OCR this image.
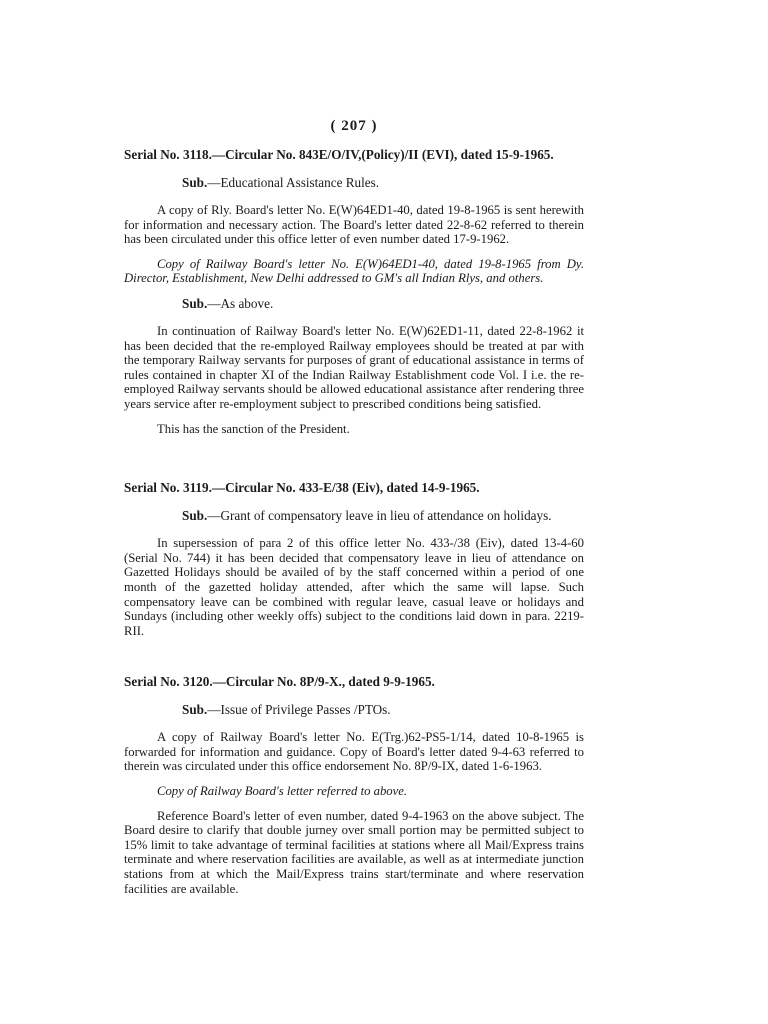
( 207 )
Serial No. 3118.—Circular No. 843E/O/IV,(Policy)/II (EVI), dated 15-9-1965.
Sub.—Educational Assistance Rules.

A copy of Rly. Board's letter No. E(W)64ED1-40, dated 19-8-1965 is sent herewith for information and necessary action. The Board's letter dated 22-8-62 referred to therein has been circulated under this office letter of even number dated 17-9-1962.

Copy of Railway Board's letter No. E(W)64ED1-40, dated 19-8-1965 from Dy. Director, Establishment, New Delhi addressed to GM's all Indian Rlys, and others.

Sub.—As above.

In continuation of Railway Board's letter No. E(W)62ED1-11, dated 22-8-1962 it has been decided that the re-employed Railway employees should be treated at par with the temporary Railway servants for purposes of grant of educational assistance in terms of rules contained in chapter XI of the Indian Railway Establishment code Vol. I i.e. the re-employed Railway servants should be allowed educational assistance after rendering three years service after re-employment subject to prescribed conditions being satisfied.

This has the sanction of the President.

Serial No. 3119.—Circular No. 433-E/38 (Eiv), dated 14-9-1965.
Sub.—Grant of compensatory leave in lieu of attendance on holidays.

In supersession of para 2 of this office letter No. 433-/38 (Eiv), dated 13-4-60 (Serial No. 744) it has been decided that compensatory leave in lieu of attendance on Gazetted Holidays should be availed of by the staff concerned within a period of one month of the gazetted holiday attended, after which the same will lapse. Such compensatory leave can be combined with regular leave, casual leave or holidays and Sundays (including other weekly offs) subject to the conditions laid down in para. 2219-RII.

Serial No. 3120.—Circular No. 8P/9-X., dated 9-9-1965.
Sub.—Issue of Privilege Passes /PTOs.

A copy of Railway Board's letter No. E(Trg.)62-PS5-1/14, dated 10-8-1965 is forwarded for information and guidance. Copy of Board's letter dated 9-4-63 referred to therein was circulated under this office endorsement No. 8P/9-IX, dated 1-6-1963.

Copy of Railway Board's letter referred to above.

Reference Board's letter of even number, dated 9-4-1963 on the above subject. The Board desire to clarify that double jurney over small portion may be permitted subject to 15% limit to take advantage of terminal facilities at stations where all Mail/Express trains terminate and where reservation facilities are available, as well as at intermediate junction stations from at which the Mail/Express trains start/terminate and where reservation facilities are available.
